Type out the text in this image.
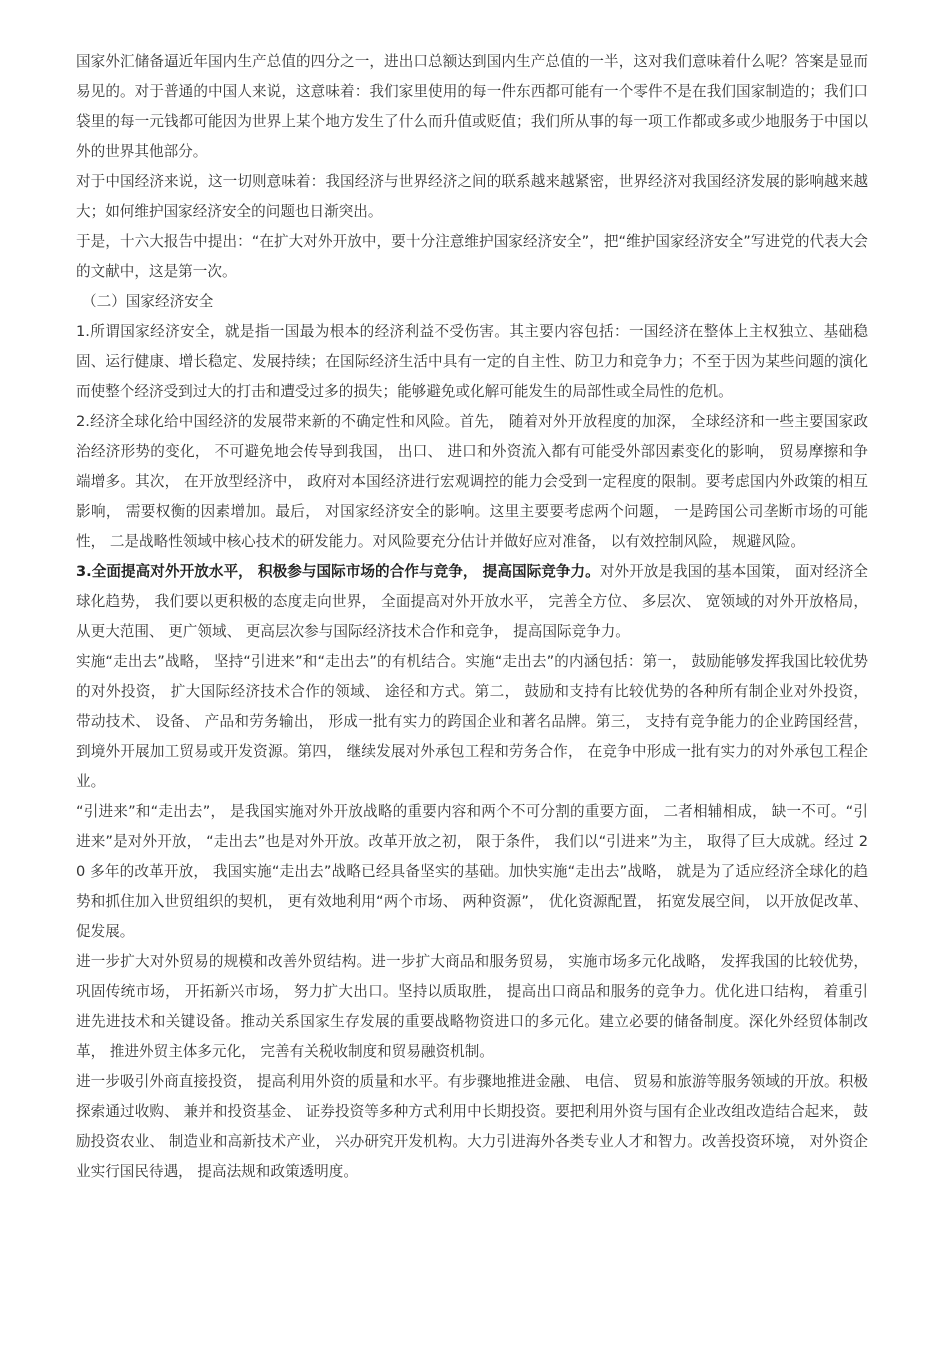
国家外汇储备逼近年国内生产总值的四分之一，进出口总额达到国内生产总值的一半，这对我们意味着什么呢？答案是显而易见的。对于普通的中国人来说，这意味着：我们家里使用的每一件东西都可能有一个零件不是在我们国家制造的；我们口袋里的每一元钱都可能因为世界上某个地方发生了什么而升值或贬值；我们所从事的每一项工作都或多或少地服务于中国以外的世界其他部分。

对于中国经济来说，这一切则意味着：我国经济与世界经济之间的联系越来越紧密，世界经济对我国经济发展的影响越来越大；如何维护国家经济安全的问题也日渐突出。

于是，十六大报告中提出：“在扩大对外开放中，要十分注意维护国家经济安全”，把“维护国家经济安全”写进党的代表大会的文献中，这是第一次。

（二）国家经济安全

1.所谓国家经济安全，就是指一国最为根本的经济利益不受伤害。其主要内容包括：一国经济在整体上主权独立、基础稳固、运行健康、增长稳定、发展持续；在国际经济生活中具有一定的自主性、防卫力和竞争力；不至于因为某些问题的演化而使整个经济受到过大的打击和遭受过多的损失；能够避免或化解可能发生的局部性或全局性的危机。

2.经济全球化给中国经济的发展带来新的不确定性和风险。首先， 随着对外开放程度的加深， 全球经济和一些主要国家政治经济形势的变化， 不可避免地会传导到我国， 出口、 进口和外资流入都有可能受外部因素变化的影响， 贸易摩擦和争端增多。其次， 在开放型经济中， 政府对本国经济进行宏观调控的能力会受到一定程度的限制。要考虑国内外政策的相互影响， 需要权衡的因素增加。最后， 对国家经济安全的影响。这里主要要考虑两个问题， 一是跨国公司垄断市场的可能性， 二是战略性领域中核心技术的研发能力。对风险要充分估计并做好应对准备， 以有效控制风险， 规避风险。

3.全面提高对外开放水平， 积极参与国际市场的合作与竞争， 提高国际竞争力。对外开放是我国的基本国策， 面对经济全球化趋势， 我们要以更积极的态度走向世界， 全面提高对外开放水平， 完善全方位、 多层次、 宽领域的对外开放格局， 从更大范围、 更广领域、 更高层次参与国际经济技术合作和竞争， 提高国际竞争力。

实施“走出去”战略， 坚持“引进来”和“走出去”的有机结合。实施“走出去”的内涵包括：第一， 鼓励能够发挥我国比较优势的对外投资， 扩大国际经济技术合作的领域、 途径和方式。第二， 鼓励和支持有比较优势的各种所有制企业对外投资， 带动技术、 设备、 产品和劳务输出， 形成一批有实力的跨国企业和著名品牌。第三， 支持有竞争能力的企业跨国经营， 到境外开展加工贸易或开发资源。第四， 继续发展对外承包工程和劳务合作， 在竞争中形成一批有实力的对外承包工程企业。

“引进来”和“走出去”， 是我国实施对外开放战略的重要内容和两个不可分割的重要方面， 二者相辅相成， 缺一不可。“引进来”是对外开放， “走出去”也是对外开放。改革开放之初， 限于条件， 我们以“引进来”为主， 取得了巨大成就。经过 20 多年的改革开放， 我国实施“走出去”战略已经具备坚实的基础。加快实施“走出去”战略， 就是为了适应经济全球化的趋势和抓住加入世贸组织的契机， 更有效地利用“两个市场、 两种资源”， 优化资源配置， 拓宽发展空间， 以开放促改革、 促发展。

进一步扩大对外贸易的规模和改善外贸结构。进一步扩大商品和服务贸易， 实施市场多元化战略， 发挥我国的比较优势， 巩固传统市场， 开拓新兴市场， 努力扩大出口。坚持以质取胜， 提高出口商品和服务的竞争力。优化进口结构， 着重引进先进技术和关键设备。推动关系国家生存发展的重要战略物资进口的多元化。建立必要的储备制度。深化外经贸体制改革， 推进外贸主体多元化， 完善有关税收制度和贸易融资机制。

进一步吸引外商直接投资， 提高利用外资的质量和水平。有步骤地推进金融、 电信、 贸易和旅游等服务领域的开放。积极探索通过收购、 兼并和投资基金、 证券投资等多种方式利用中长期投资。要把利用外资与国有企业改组改造结合起来， 鼓励投资农业、 制造业和高新技术产业， 兴办研究开发机构。大力引进海外各类专业人才和智力。改善投资环境， 对外资企业实行国民待遇， 提高法规和政策透明度。
